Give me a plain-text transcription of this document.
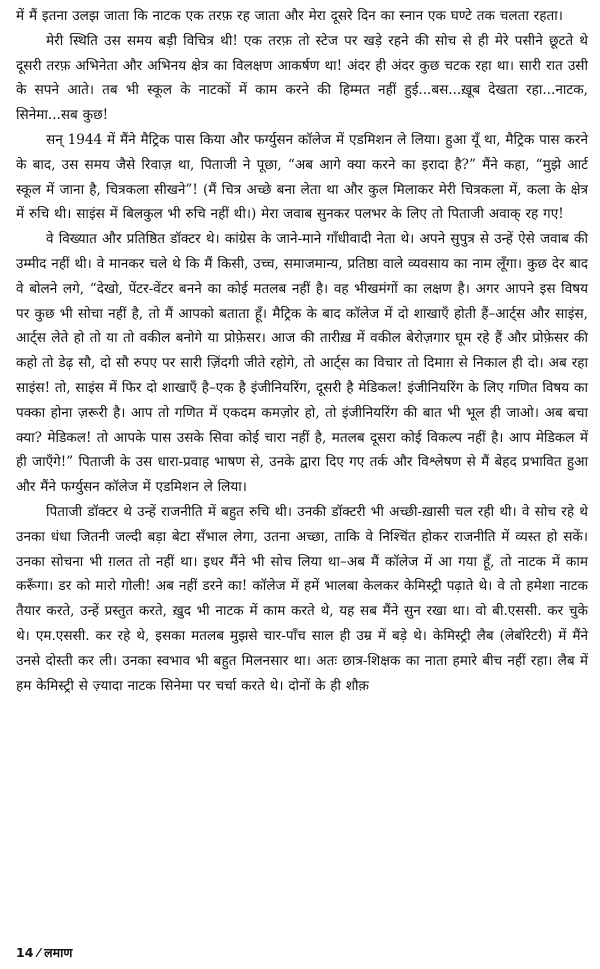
में मैं इतना उलझ जाता कि नाटक एक तरफ़ रह जाता और मेरा दूसरे दिन का स्नान एक घण्टे तक चलता रहता।

मेरी स्थिति उस समय बड़ी विचित्र थी! एक तरफ़ तो स्टेज पर खड़े रहने की सोच से ही मेरे पसीने छूटते थे दूसरी तरफ़ अभिनेता और अभिनय क्षेत्र का विलक्षण आकर्षण था! अंदर ही अंदर कुछ चटक रहा था। सारी रात उसी के सपने आते। तब भी स्कूल के नाटकों में काम करने की हिम्मत नहीं हुई...बस...ख़ूब देखता रहा...नाटक, सिनेमा...सब कुछ!

सन् 1944 में मैंने मैट्रिक पास किया और फर्ग्युसन कॉलेज में एडमिशन ले लिया। हुआ यूँ था, मैट्रिक पास करने के बाद, उस समय जैसे रिवाज़ था, पिताजी ने पूछा, “अब आगे क्या करने का इरादा है?” मैंने कहा, “मुझे आर्ट स्कूल में जाना है, चित्रकला सीखने”! (मैं चित्र अच्छे बना लेता था और कुल मिलाकर मेरी चित्रकला में, कला के क्षेत्र में रुचि थी। साइंस में बिलकुल भी रुचि नहीं थी।) मेरा जवाब सुनकर पलभर के लिए तो पिताजी अवाक् रह गए!

वे विख्यात और प्रतिष्ठित डॉक्टर थे। कांग्रेस के जाने-माने गाँधीवादी नेता थे। अपने सुपुत्र से उन्हें ऐसे जवाब की उम्मीद नहीं थी। वे मानकर चले थे कि मैं किसी, उच्च, समाजमान्य, प्रतिष्ठा वाले व्यवसाय का नाम लूँगा। कुछ देर बाद वे बोलने लगे, “देखो, पेंटर-वेंटर बनने का कोई मतलब नहीं है। वह भीखमंगों का लक्षण है। अगर आपने इस विषय पर कुछ भी सोचा नहीं है, तो मैं आपको बताता हूँ। मैट्रिक के बाद कॉलेज में दो शाखाएँ होती हैं–आर्ट्स और साइंस, आर्ट्स लेते हो तो या तो वकील बनोगे या प्रोफ़ेसर। आज की तारीख़ में वकील बेरोज़गार घूम रहे हैं और प्रोफ़ेसर की कहो तो डेढ़ सौ, दो सौ रुपए पर सारी ज़िंदगी जीते रहोगे, तो आर्ट्स का विचार तो दिमाग़ से निकाल ही दो। अब रहा साइंस! तो, साइंस में फिर दो शाखाएँ है–एक है इंजीनियरिंग, दूसरी है मेडिकल! इंजीनियरिंग के लिए गणित विषय का पक्का होना ज़रूरी है। आप तो गणित में एकदम कमज़ोर हो, तो इंजीनियरिंग की बात भी भूल ही जाओ। अब बचा क्या? मेडिकल! तो आपके पास उसके सिवा कोई चारा नहीं है, मतलब दूसरा कोई विकल्प नहीं है। आप मेडिकल में ही जाएँगे!” पिताजी के उस धारा-प्रवाह भाषण से, उनके द्वारा दिए गए तर्क और विश्लेषण से मैं बेहद प्रभावित हुआ और मैंने फर्ग्युसन कॉलेज में एडमिशन ले लिया।

पिताजी डॉक्टर थे उन्हें राजनीति में बहुत रुचि थी। उनकी डॉक्टरी भी अच्छी-ख़ासी चल रही थी। वे सोच रहे थे उनका धंधा जितनी जल्दी बड़ा बेटा सँभाल लेगा, उतना अच्छा, ताकि वे निश्चिंत होकर राजनीति में व्यस्त हो सकें। उनका सोचना भी ग़लत तो नहीं था। इधर मैंने भी सोच लिया था–अब मैं कॉलेज में आ गया हूँ, तो नाटक में काम करूँगा। डर को मारो गोली! अब नहीं डरने का! कॉलेज में हमें भालबा केलकर केमिस्ट्री पढ़ाते थे। वे तो हमेशा नाटक तैयार करते, उन्हें प्रस्तुत करते, ख़ुद भी नाटक में काम करते थे, यह सब मैंने सुन रखा था। वो बी.एससी. कर चुके थे। एम.एससी. कर रहे थे, इसका मतलब मुझसे चार-पाँच साल ही उम्र में बड़े थे। केमिस्ट्री लैब (लेबॉरेटरी) में मैंने उनसे दोस्ती कर ली। उनका स्वभाव भी बहुत मिलनसार था। अतः छात्र-शिक्षक का नाता हमारे बीच नहीं रहा। लैब में हम केमिस्ट्री से ज़्यादा नाटक सिनेमा पर चर्चा करते थे। दोनों के ही शौक़

14 ⁄ लमाण
